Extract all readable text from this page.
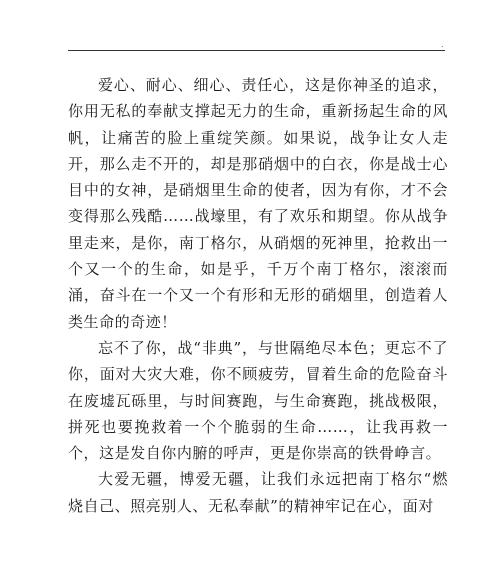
.

爱心、耐心、细心、责任心，这是你神圣的追求，你用无私的奉献支撑起无力的生命，重新扬起生命的风帆，让痛苦的脸上重绽笑颜。如果说，战争让女人走开，那么走不开的，却是那硝烟中的白衣，你是战士心目中的女神，是硝烟里生命的使者，因为有你，才不会变得那么残酷……战壕里，有了欢乐和期望。你从战争里走来，是你，南丁格尔，从硝烟的死神里，抢救出一个又一个的生命，如是乎，千万个南丁格尔，滚滚而涌，奋斗在一个又一个有形和无形的硝烟里，创造着人类生命的奇迹！

忘不了你，战“非典”，与世隔绝尽本色；更忘不了你，面对大灾大难，你不顾疲劳，冒着生命的危险奋斗在废墟瓦砾里，与时间赛跑，与生命赛跑，挑战极限，拼死也要挽救着一个个脆弱的生命……，让我再救一个，这是发自你内腑的呼声，更是你崇高的铁骨峥言。

大爱无疆，博爱无疆，让我们永远把南丁格尔“燃烧自己、照亮别人、无私奉献”的精神牢记在心，面对
